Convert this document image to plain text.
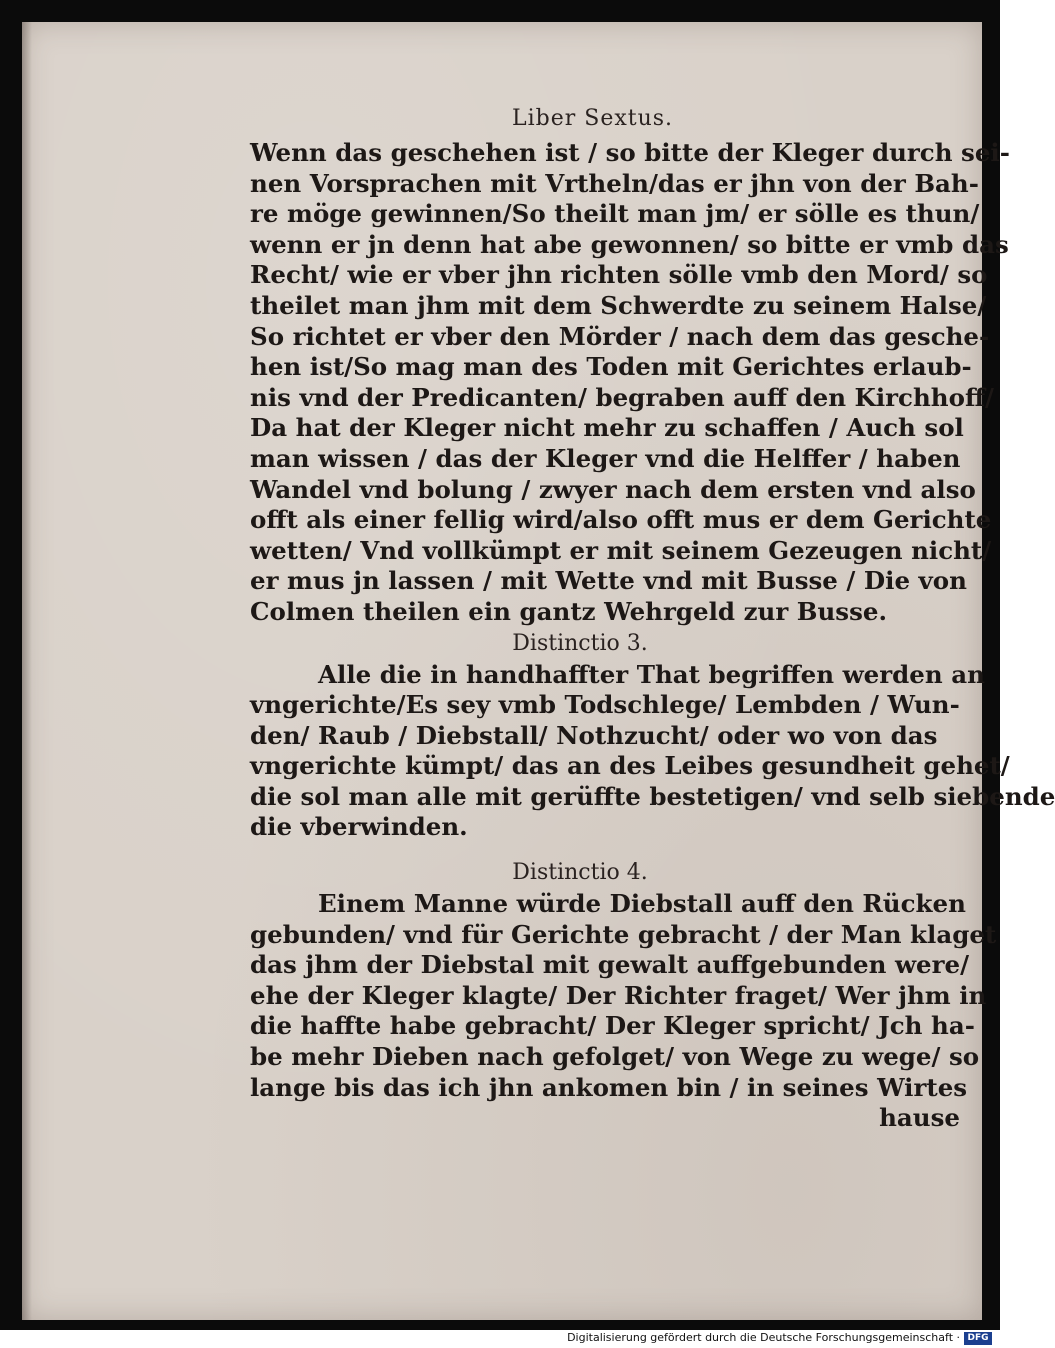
Liber Sextus.
Wenn das geschehen ist / so bitte der Kleger durch sei-
nen Vorsprachen mit Vrtheln/das er jhn von der Bah-
re möge gewinnen/So theilt man jm/ er sölle es thun/
wenn er jn denn hat abe gewonnen/ so bitte er vmb das
Recht/ wie er vber jhn richten sölle vmb den Mord/ so
theilet man jhm mit dem Schwerdte zu seinem Halse/
So richtet er vber den Mörder / nach dem das gesche-
hen ist/So mag man des Toden mit Gerichtes erlaub-
nis vnd der Predicanten/ begraben auff den Kirchhoff/
Da hat der Kleger nicht mehr zu schaffen / Auch sol
man wissen / das der Kleger vnd die Helffer / haben
Wandel vnd bolung / zwyer nach dem ersten vnd also
offt als einer fellig wird/also offt mus er dem Gerichte
wetten/ Vnd vollkümpt er mit seinem Gezeugen nicht/
er mus jn lassen / mit Wette vnd mit Busse / Die von
Colmen theilen ein gantz Wehrgeld zur Busse.
Distinctio 3.
Alle die in handhaffter That begriffen werden an
vngerichte/Es sey vmb Todschlege/ Lembden / Wun-
den/ Raub / Diebstall/ Nothzucht/ oder wo von das
vngerichte kümpt/ das an des Leibes gesundheit gehet/
die sol man alle mit gerüffte bestetigen/ vnd selb siebende
die vberwinden.
Distinctio 4.
Einem Manne würde Diebstall auff den Rücken
gebunden/ vnd für Gerichte gebracht / der Man klaget
das jhm der Diebstal mit gewalt auffgebunden were/
ehe der Kleger klagte/ Der Richter fraget/ Wer jhm in
die hafftе habe gebracht/ Der Kleger spricht/ Jch ha-
be mehr Dieben nach gefolget/ von Wege zu wege/ so
lange bis das ich jhn ankomen bin / in seines Wirtes
hause
Digitalisierung gefördert durch die Deutsche Forschungsgemeinschaft · DFG
